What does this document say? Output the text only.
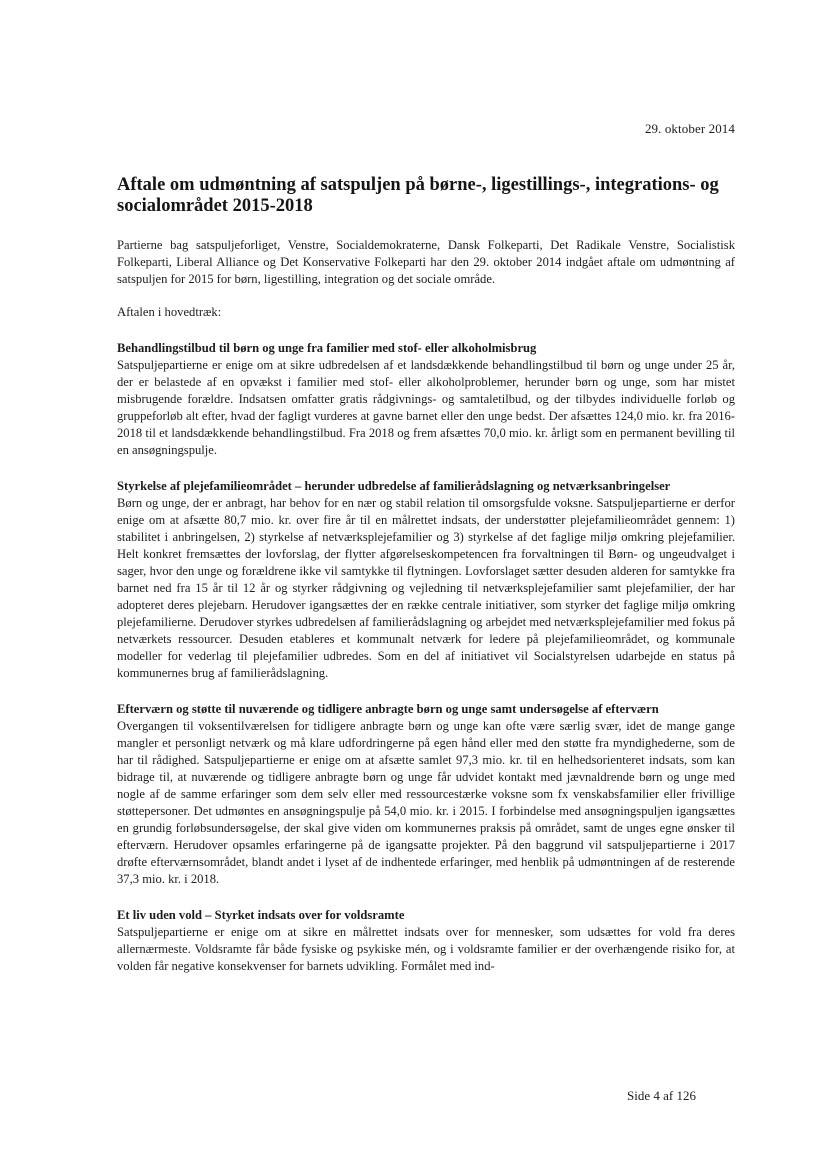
29. oktober 2014
Aftale om udmøntning af satspuljen på børne-, ligestillings-, integrations- og socialområdet 2015-2018

Partierne bag satspuljeforliget, Venstre, Socialdemokraterne, Dansk Folkeparti, Det Radikale Venstre, Socialistisk Folkeparti, Liberal Alliance og Det Konservative Folkeparti har den 29. oktober 2014 indgået aftale om udmøntning af satspuljen for 2015 for børn, ligestilling, integration og det sociale område.

Aftalen i hovedtræk:

Behandlingstilbud til børn og unge fra familier med stof- eller alkoholmisbrug

Satspuljepartierne er enige om at sikre udbredelsen af et landsdækkende behandlingstilbud til børn og unge under 25 år, der er belastede af en opvækst i familier med stof- eller alkoholproblemer, herunder børn og unge, som har mistet misbrugende forældre. Indsatsen omfatter gratis rådgivnings- og samtaletilbud, og der tilbydes individuelle forløb og gruppeforløb alt efter, hvad der fagligt vurderes at gavne barnet eller den unge bedst. Der afsættes 124,0 mio. kr. fra 2016-2018 til et landsdækkende behandlingstilbud. Fra 2018 og frem afsættes 70,0 mio. kr. årligt som en permanent bevilling til en ansøgningspulje.

Styrkelse af plejefamilieområdet – herunder udbredelse af familierådslagning og netværksanbringelser

Børn og unge, der er anbragt, har behov for en nær og stabil relation til omsorgsfulde voksne. Satspuljepartierne er derfor enige om at afsætte 80,7 mio. kr. over fire år til en målrettet indsats, der understøtter plejefamilieområdet gennem: 1) stabilitet i anbringelsen, 2) styrkelse af netværksplejefamilier og 3) styrkelse af det faglige miljø omkring plejefamilier. Helt konkret fremsættes der lovforslag, der flytter afgørelseskompetencen fra forvaltningen til Børn- og ungeudvalget i sager, hvor den unge og forældrene ikke vil samtykke til flytningen. Lovforslaget sætter desuden alderen for samtykke fra barnet ned fra 15 år til 12 år og styrker rådgivning og vejledning til netværksplejefamilier samt plejefamilier, der har adopteret deres plejebarn. Herudover igangsættes der en række centrale initiativer, som styrker det faglige miljø omkring plejefamilierne. Derudover styrkes udbredelsen af familierådslagning og arbejdet med netværksplejefamilier med fokus på netværkets ressourcer. Desuden etableres et kommunalt netværk for ledere på plejefamilieområdet, og kommunale modeller for vederlag til plejefamilier udbredes. Som en del af initiativet vil Socialstyrelsen udarbejde en status på kommunernes brug af familierådslagning.

Efterværn og støtte til nuværende og tidligere anbragte børn og unge samt undersøgelse af efterværn

Overgangen til voksentilværelsen for tidligere anbragte børn og unge kan ofte være særlig svær, idet de mange gange mangler et personligt netværk og må klare udfordringerne på egen hånd eller med den støtte fra myndighederne, som de har til rådighed. Satspuljepartierne er enige om at afsætte samlet 97,3 mio. kr. til en helhedsorienteret indsats, som kan bidrage til, at nuværende og tidligere anbragte børn og unge får udvidet kontakt med jævnaldrende børn og unge med nogle af de samme erfaringer som dem selv eller med ressourcestærke voksne som fx venskabsfamilier eller frivillige støttepersoner. Det udmøntes en ansøgningspulje på 54,0 mio. kr. i 2015. I forbindelse med ansøgningspuljen igangsættes en grundig forløbsundersøgelse, der skal give viden om kommunernes praksis på området, samt de unges egne ønsker til efterværn. Herudover opsamles erfaringerne på de igangsatte projekter. På den baggrund vil satspuljepartierne i 2017 drøfte efterværnsområdet, blandt andet i lyset af de indhentede erfaringer, med henblik på udmøntningen af de resterende 37,3 mio. kr. i 2018.

Et liv uden vold – Styrket indsats over for voldsramte

Satspuljepartierne er enige om at sikre en målrettet indsats over for mennesker, som udsættes for vold fra deres allernærmeste. Voldsramte får både fysiske og psykiske mén, og i voldsramte familier er der overhængende risiko for, at volden får negative konsekvenser for barnets udvikling. Formålet med ind-

Side 4 af 126
